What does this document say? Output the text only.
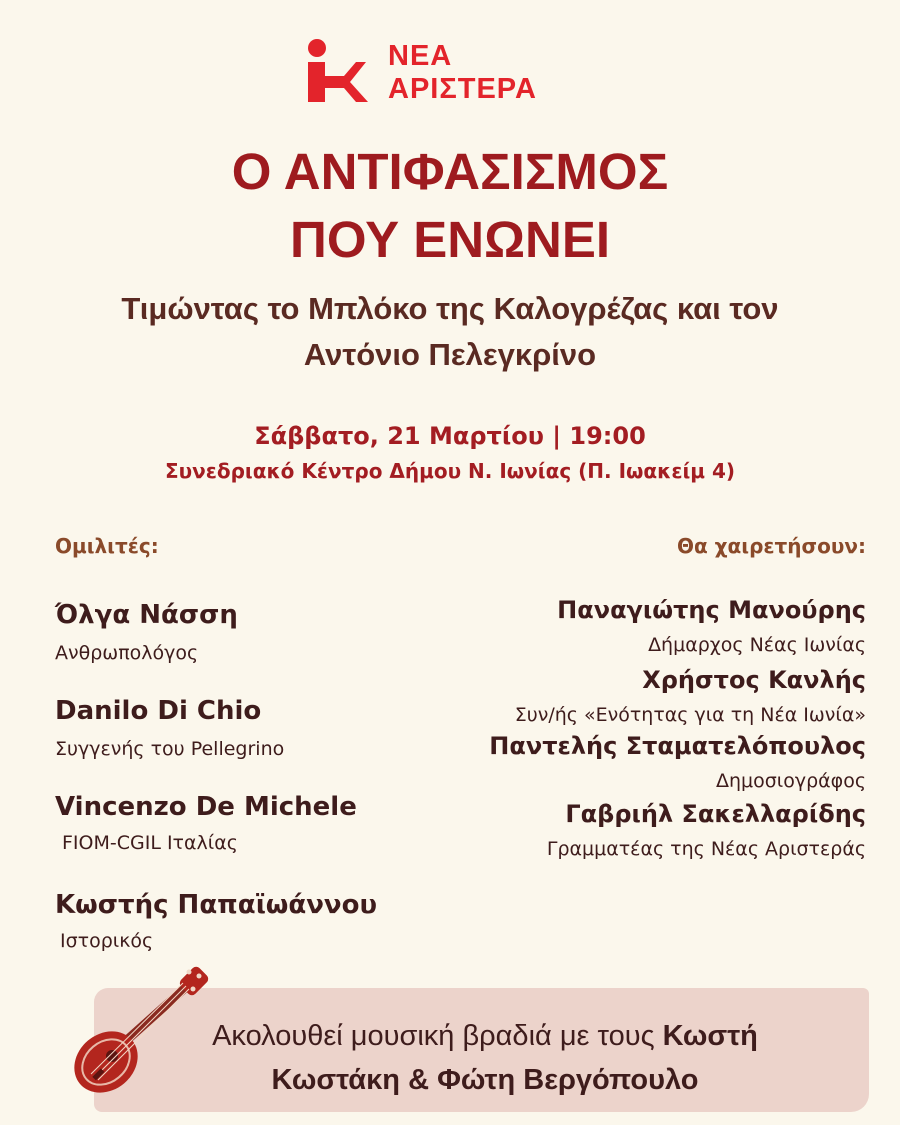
ΝΕΑ
ΑΡΙΣΤΕΡΑ
Ο ΑΝΤΙΦΑΣΙΣΜΟΣ
ΠΟΥ ΕΝΩΝΕΙ
Τιμώντας το Μπλόκο της Καλογρέζας και τον
Αντόνιο Πελεγκρίνο
Σάββατο, 21 Μαρτίου | 19:00
Συνεδριακό Κέντρο Δήμου Ν. Ιωνίας (Π. Ιωακείμ 4)
Ομιλιτές:
Όλγα Νάσση
Ανθρωπολόγος
Danilo Di Chio
Συγγενής του Pellegrino
Vincenzo De Michele
FIOM-CGIL Ιταλίας
Κωστής Παπαϊωάννου
Ιστορικός
Θα χαιρετήσουν:
Παναγιώτης Μανούρης
Δήμαρχος Νέας Ιωνίας
Χρήστος Κανλής
Συν/ής «Ενότητας για τη Νέα Ιωνία»
Παντελής Σταματελόπουλος
Δημοσιογράφος
Γαβριήλ Σακελλαρίδης
Γραμματέας της Νέας Αριστεράς
Ακολουθεί μουσική βραδιά με τους Κωστή
Κωστάκη & Φώτη Βεργόπουλο
